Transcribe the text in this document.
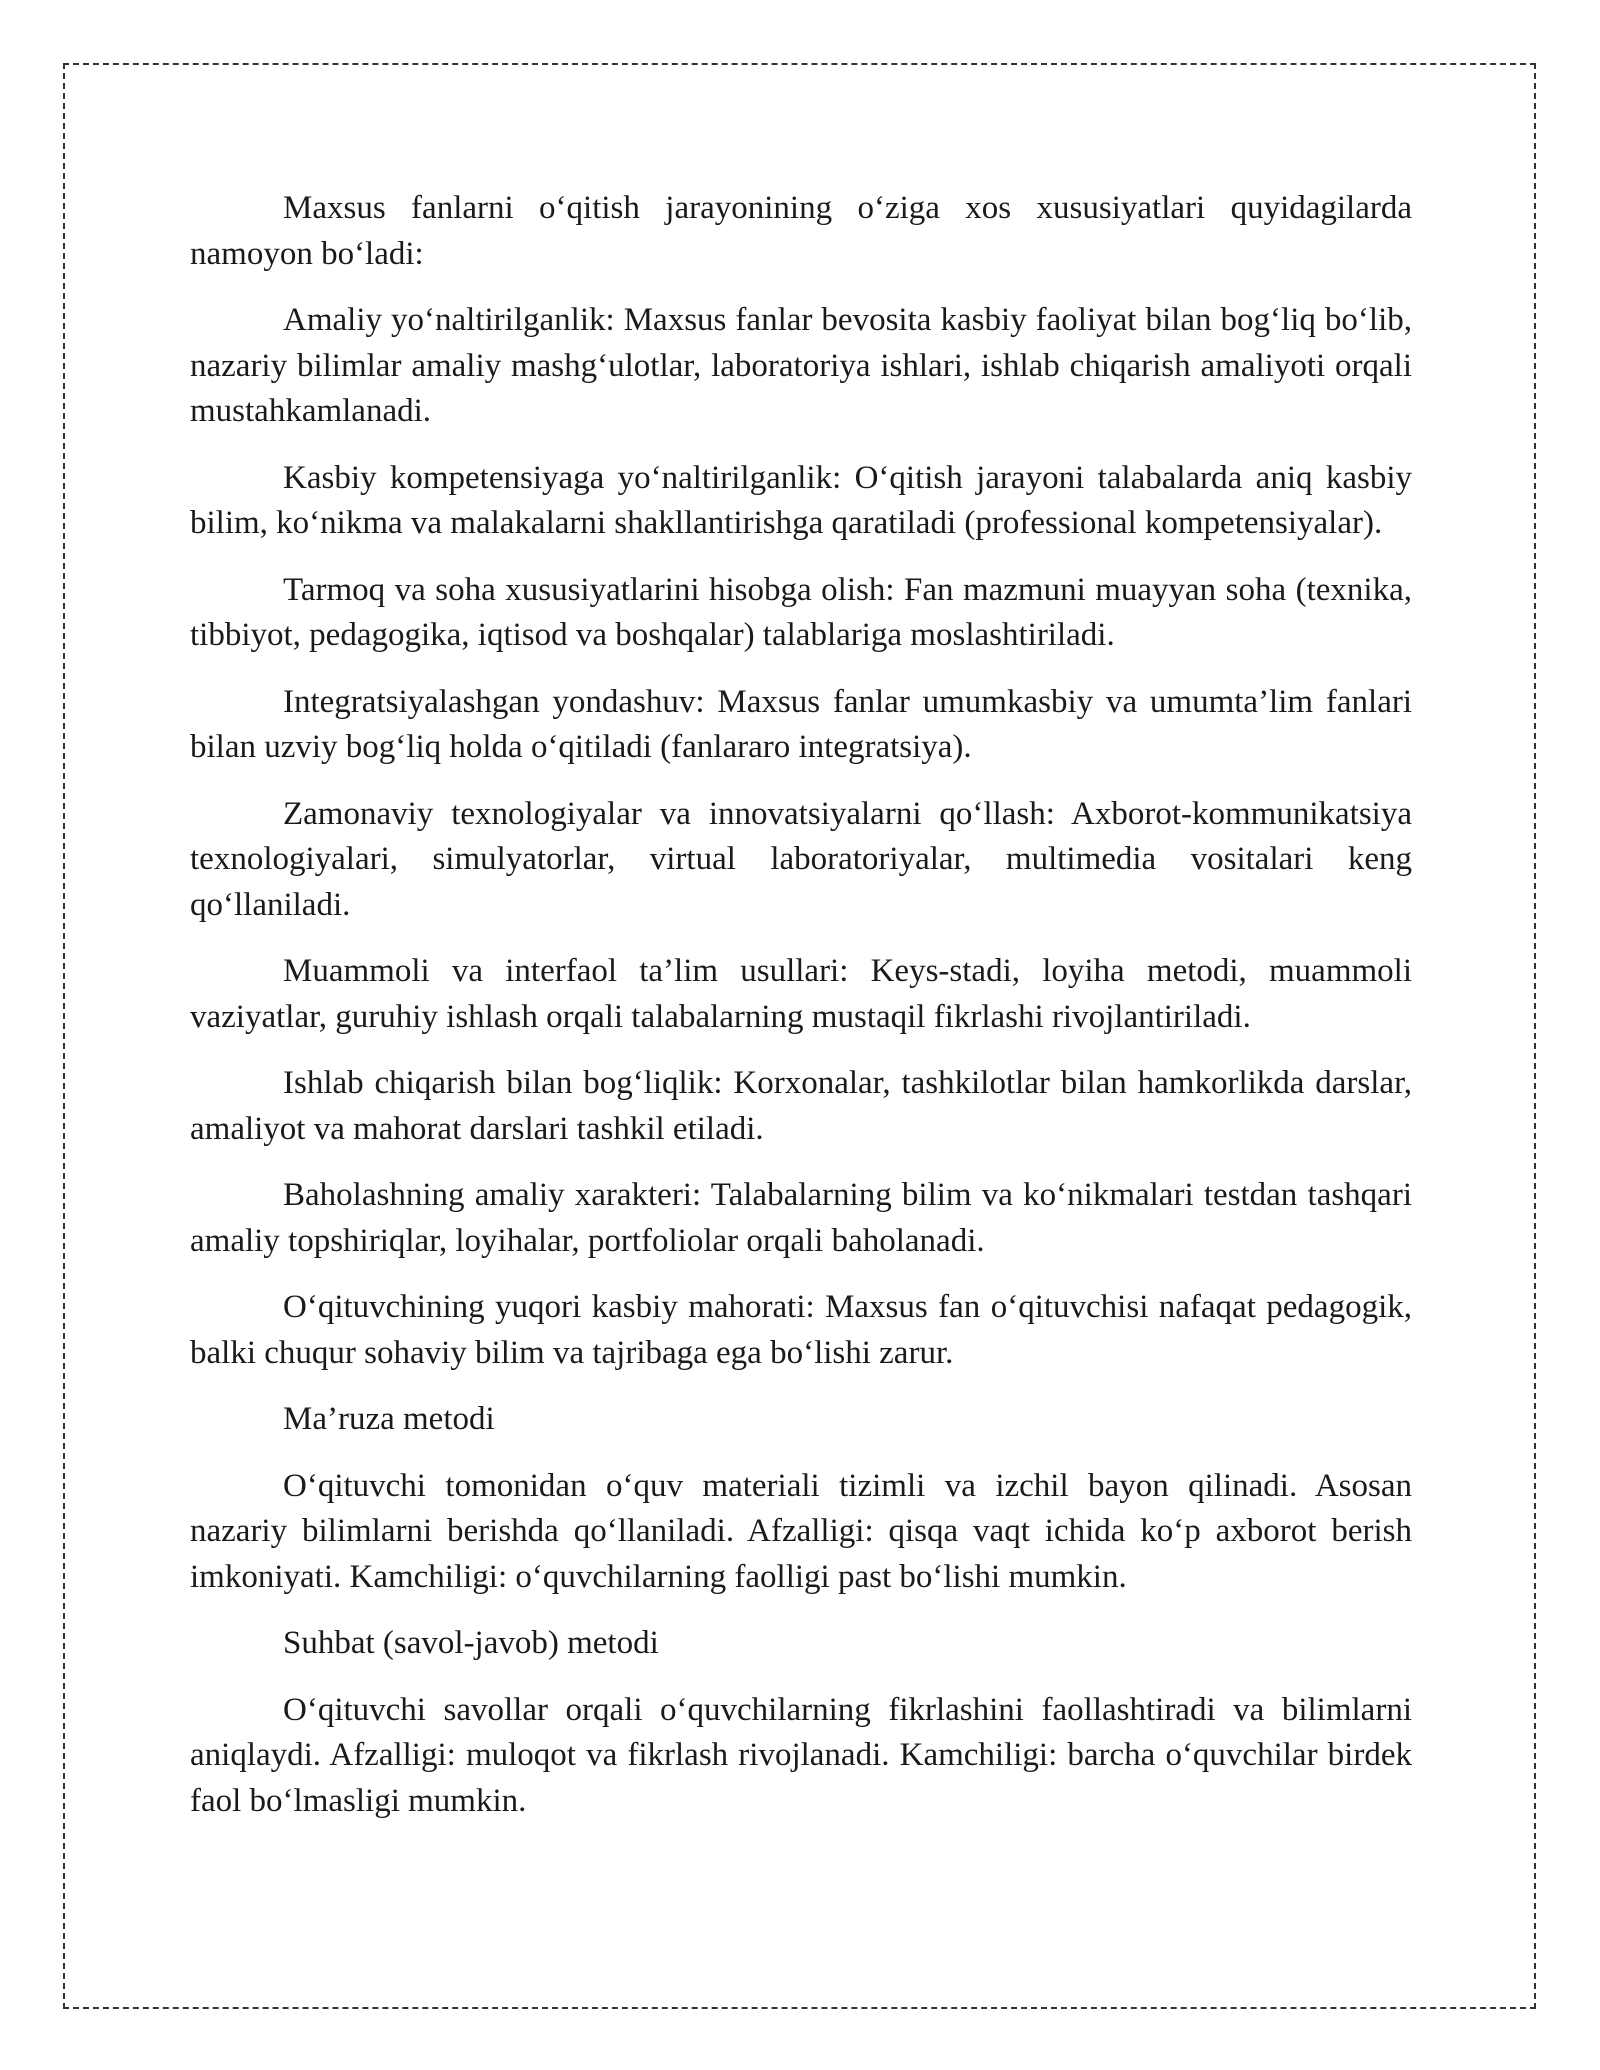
Maxsus fanlarni o‘qitish jarayonining o‘ziga xos xususiyatlari quyidagilarda namoyon bo‘ladi:

Amaliy yo‘naltirilganlik: Maxsus fanlar bevosita kasbiy faoliyat bilan bog‘liq bo‘lib, nazariy bilimlar amaliy mashg‘ulotlar, laboratoriya ishlari, ishlab chiqarish amaliyoti orqali mustahkamlanadi.

Kasbiy kompetensiyaga yo‘naltirilganlik: O‘qitish jarayoni talabalarda aniq kasbiy bilim, ko‘nikma va malakalarni shakllantirishga qaratiladi (professional kompetensiyalar).

Tarmoq va soha xususiyatlarini hisobga olish: Fan mazmuni muayyan soha (texnika, tibbiyot, pedagogika, iqtisod va boshqalar) talablariga moslashtiriladi.

Integratsiyalashgan yondashuv: Maxsus fanlar umumkasbiy va umumta’lim fanlari bilan uzviy bog‘liq holda o‘qitiladi (fanlararo integratsiya).

Zamonaviy texnologiyalar va innovatsiyalarni qo‘llash: Axborot-kommunikatsiya texnologiyalari, simulyatorlar, virtual laboratoriyalar, multimedia vositalari keng qo‘llaniladi.

Muammoli va interfaol ta’lim usullari: Keys-stadi, loyiha metodi, muammoli vaziyatlar, guruhiy ishlash orqali talabalarning mustaqil fikrlashi rivojlantiriladi.

Ishlab chiqarish bilan bog‘liqlik: Korxonalar, tashkilotlar bilan hamkorlikda darslar, amaliyot va mahorat darslari tashkil etiladi.

Baholashning amaliy xarakteri: Talabalarning bilim va ko‘nikmalari testdan tashqari amaliy topshiriqlar, loyihalar, portfoliolar orqali baholanadi.

O‘qituvchining yuqori kasbiy mahorati: Maxsus fan o‘qituvchisi nafaqat pedagogik, balki chuqur sohaviy bilim va tajribaga ega bo‘lishi zarur.

Ma’ruza metodi

O‘qituvchi tomonidan o‘quv materiali tizimli va izchil bayon qilinadi. Asosan nazariy bilimlarni berishda qo‘llaniladi. Afzalligi: qisqa vaqt ichida ko‘p axborot berish imkoniyati. Kamchiligi: o‘quvchilarning faolligi past bo‘lishi mumkin.

Suhbat (savol-javob) metodi

O‘qituvchi savollar orqali o‘quvchilarning fikrlashini faollashtiradi va bilimlarni aniqlaydi. Afzalligi: muloqot va fikrlash rivojlanadi. Kamchiligi: barcha o‘quvchilar birdek faol bo‘lmasligi mumkin.
